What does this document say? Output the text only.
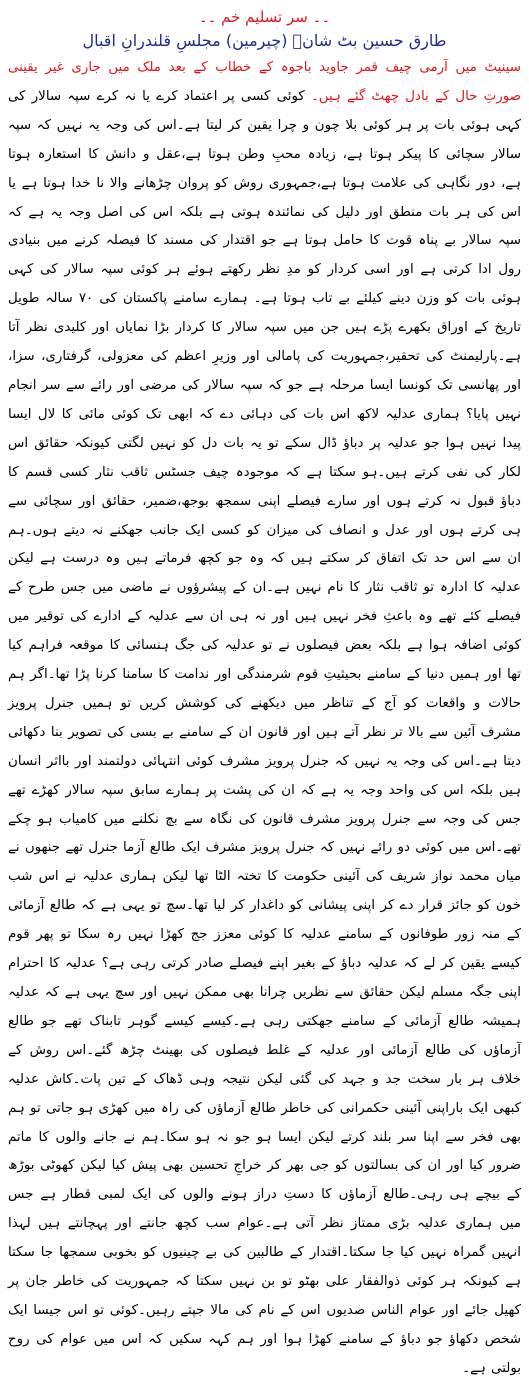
۔۔ سر تسلیم خم ۔۔
طارق حسین بٹ شانؔ (چیرمین) مجلسِ قلندرانِ اقبال

سینیٹ میں آرمی چیف قمر جاوید باجوہ کے خطاب کے بعد ملک میں جاری غیر یقینی صورتِ حال کے بادل چھٹ گئے ہیں۔ کوئی کسی پر اعتماد کرے یا نہ کرے سپہ سالار کی کہی ہوئی بات پر ہر کوئی بلا چون و چرا یقین کر لیتا ہے۔اس کی وجہ یہ نہیں کہ سپہ سالار سچائی کا پیکر ہوتا ہے، زیادہ محبِ وطن ہوتا ہے،عقل و دانش کا استعارہ ہوتا ہے، دور نگاہی کی علامت ہوتا ہے،جمہوری روش کو پروان چڑھانے والا نا خدا ہوتا ہے یا اس کی ہر بات منطق اور دلیل کی نمائندہ ہوتی ہے بلکہ اس کی اصل وجہ یہ ہے کہ سپہ سالار بے پناہ قوت کا حامل ہوتا ہے جو اقتدار کی مسند کا فیصلہ کرنے میں بنیادی رول ادا کرتی ہے اور اسی کردار کو مدِ نظر رکھتے ہوئے ہر کوئی سپہ سالار کی کہی ہوئی بات کو وزن دینے کیلئے بے تاب ہوتا ہے۔ ہمارے سامنے پاکستان کی ۷۰ سالہ طویل تاریخ کے اوراق بکھرے پڑے ہیں جن میں سپہ سالار کا کردار بڑا نمایاں اور کلیدی نظر آتا ہے۔پارلیمنٹ کی تحقیر،جمہوریت کی پامالی اور وزیرِ اعظم کی معزولی، گرفتاری، سزا، اور پھانسی تک کونسا ایسا مرحلہ ہے جو کہ سپہ سالار کی مرضی اور رائے سے سر انجام نہیں پایا؟ ہماری عدلیہ لاکھ اس بات کی دہائی دے کہ ابھی تک کوئی مائی کا لال ایسا پیدا نہیں ہوا جو عدلیہ پر دباؤ ڈال سکے تو یہ بات دل کو نہیں لگتی کیونکہ حقائق اس لکار کی نفی کرتے ہیں۔ہو سکتا ہے کہ موجودہ چیف جسٹس ثاقب نثار کسی قسم کا دباؤ قبول نہ کرتے ہوں اور سارے فیصلے اپنی سمجھ بوجھ،ضمیر، حقائق اور سچائی سے ہی کرتے ہوں اور عدل و انصاف کی میزان کو کسی ایک جانب جھکنے نہ دیتے ہوں۔ہم ان سے اس حد تک اتفاق کر سکتے ہیں کہ وہ جو کچھ فرماتے ہیں وہ درست ہے لیکن عدلیہ کا ادارہ تو ثاقب نثار کا نام نہیں ہے۔ان کے پیشرؤوں نے ماضی میں جس طرح کے فیصلے کئے تھے وہ باعثِ فخر نہیں ہیں اور نہ ہی ان سے عدلیہ کے ادارے کی توقیر میں کوئی اضافہ ہوا ہے بلکہ بعض فیصلوں نے تو عدلیہ کی جگ ہنسائی کا موقعہ فراہم کیا تھا اور ہمیں دنیا کے سامنے بحیثیتِ قوم شرمندگی اور ندامت کا سامنا کرنا پڑا تھا۔اگر ہم حالات و واقعات کو آج کے تناظر میں دیکھنے کی کوشش کریں تو ہمیں جنرل پرویز مشرف آئین سے بالا تر نظر آتے ہیں اور قانون ان کے سامنے بے بسی کی تصویر بنا دکھائی دیتا ہے۔اس کی وجہ یہ نہیں کہ جنرل پرویز مشرف کوئی انتہائی دولتمند اور بااثر انسان ہیں بلکہ اس کی واحد وجہ یہ ہے کہ ان کی پشت پر ہمارے سابق سپہ سالار کھڑے تھے جس کی وجہ سے جنرل پرویز مشرف قانون کی نگاہ سے بچ نکلنے میں کامیاب ہو چکے تھے۔اس میں کوئی دو رائے نہیں کہ جنرل پرویز مشرف ایک طالع آزما جنرل تھے جنھوں نے میاں محمد نواز شریف کی آئینی حکومت کا تختہ الٹا تھا لیکن ہماری عدلیہ نے اس شب خون کو جائز قرار دے کر اپنی پیشانی کو داغدار کر لیا تھا۔سچ تو یہی ہے کہ طالع آزمائی کے منہ زور طوفانوں کے سامنے عدلیہ کا کوئی معزز جج کھڑا نہیں رہ سکا تو پھر قوم کیسے یقین کر لے کہ عدلیہ دباؤ کے بغیر اپنے فیصلے صادر کرتی رہی ہے؟ عدلیہ کا احترام اپنی جگہ مسلم لیکن حقائق سے نظریں چرانا بھی ممکن نہیں اور سچ یہی ہے کہ عدلیہ ہمیشہ طالع آزمائی کے سامنے جھکتی رہی ہے۔کیسے کیسے گوہر تابناک تھے جو طالع آزماؤں کی طالع آزمائی اور عدلیہ کے غلط فیصلوں کی بھینٹ چڑھ گئے۔اس روش کے خلاف ہر بار سخت جد و جہد کی گئی لیکن نتیجہ وہی ڈھاک کے تین پات۔کاش عدلیہ کبھی ایک باراپنی آئینی حکمرانی کی خاطر طالع آزماؤں کی راہ میں کھڑی ہو جاتی تو ہم بھی فخر سے اپنا سر بلند کرتے لیکن ایسا ہو جو نہ ہو سکا۔ہم نے جانے والوں کا ماتم ضرور کیا اور ان کی بسالتوں کو جی بھر کر خراجِ تحسین بھی پیش کیا لیکن کھوٹی بوڑھ کے بیچے ہی رہی۔طالع آزماؤں کا دستِ دراز ہونے والوں کی ایک لمبی قطار ہے جس میں ہماری عدلیہ بڑی ممتاز نظر آتی ہے۔عوام سب کچھ جانتے اور پہچانتے ہیں لہذا انہیں گمراہ نہیں کیا جا سکتا۔اقتدار کے طالبین کی بے چینیوں کو بخوبی سمجھا جا سکتا ہے کیونکہ ہر کوئی ذوالفقار علی بھٹو تو بن نہیں سکتا کہ جمہوریت کی خاطر جان پر کھیل جائے اور عوام الناس صدیوں اس کے نام کی مالا جپتے رہیں۔کوئی تو اس جیسا ایک شخص دکھاؤ جو دباؤ کے سامنے کھڑا ہوا اور ہم کہہ سکیں کہ اس میں عوام کی روح بولتی ہے۔
